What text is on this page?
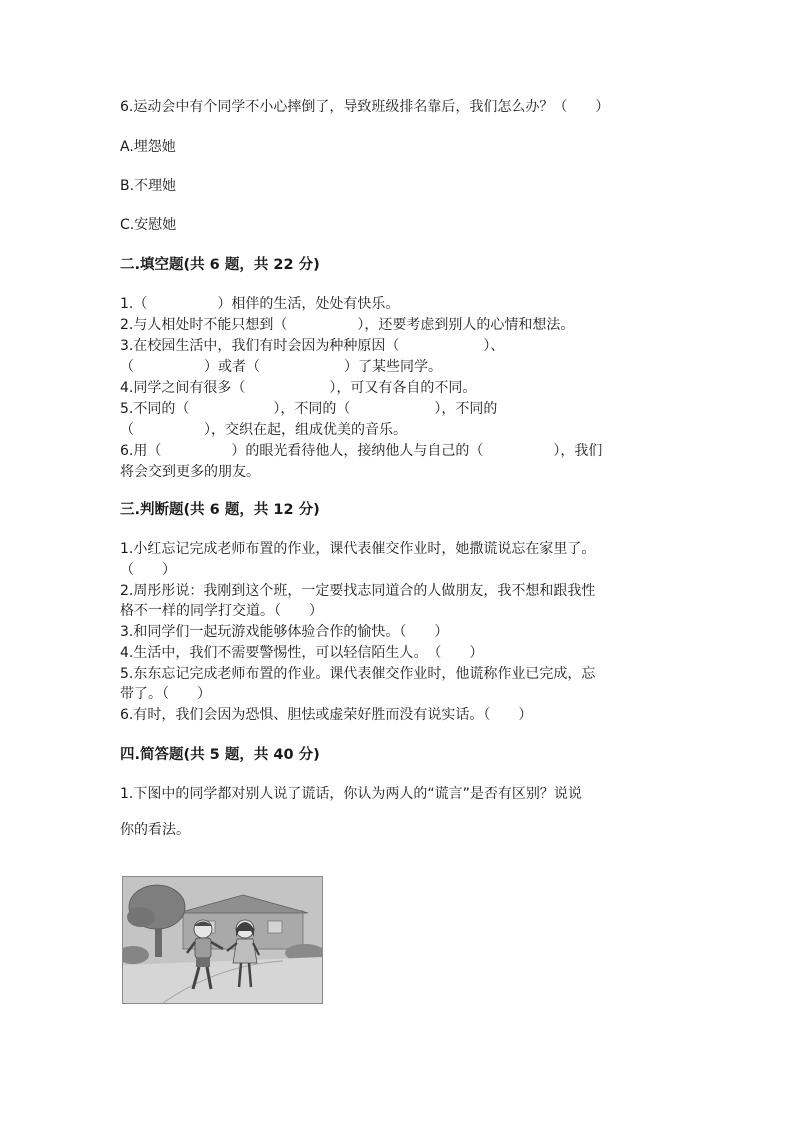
6.运动会中有个同学不小心摔倒了，导致班级排名靠后，我们怎么办？（　　）
A.埋怨她
B.不理她
C.安慰她
二.填空题(共 6 题，共 22 分)
1.（　　　　　）相伴的生活，处处有快乐。
2.与人相处时不能只想到（　　　　　），还要考虑到别人的心情和想法。
3.在校园生活中，我们有时会因为种种原因（　　　　　　）、
（　　　　　）或者（　　　　　　）了某些同学。
4.同学之间有很多（　　　　　　），可又有各自的不同。
5.不同的（　　　　　　），不同的（　　　　　　），不同的
（　　　　　），交织在起，组成优美的音乐。
6.用（　　　　　）的眼光看待他人，接纳他人与自己的（　　　　　），我们
将会交到更多的朋友。
三.判断题(共 6 题，共 12 分)
1.小红忘记完成老师布置的作业，课代表催交作业时，她撒谎说忘在家里了。
（　　）
2.周彤彤说：我刚到这个班，一定要找志同道合的人做朋友，我不想和跟我性
格不一样的同学打交道。（　　）
3.和同学们一起玩游戏能够体验合作的愉快。（　　）
4.生活中，我们不需要警惕性，可以轻信陌生人。　（　　）
5.东东忘记完成老师布置的作业。课代表催交作业时，他谎称作业已完成，忘
带了。（　　）
6.有时，我们会因为恐惧、胆怯或虚荣好胜而没有说实话。（　　）
四.简答题(共 5 题，共 40 分)
1.下图中的同学都对别人说了谎话，你认为两人的“谎言”是否有区别？说说
你的看法。
